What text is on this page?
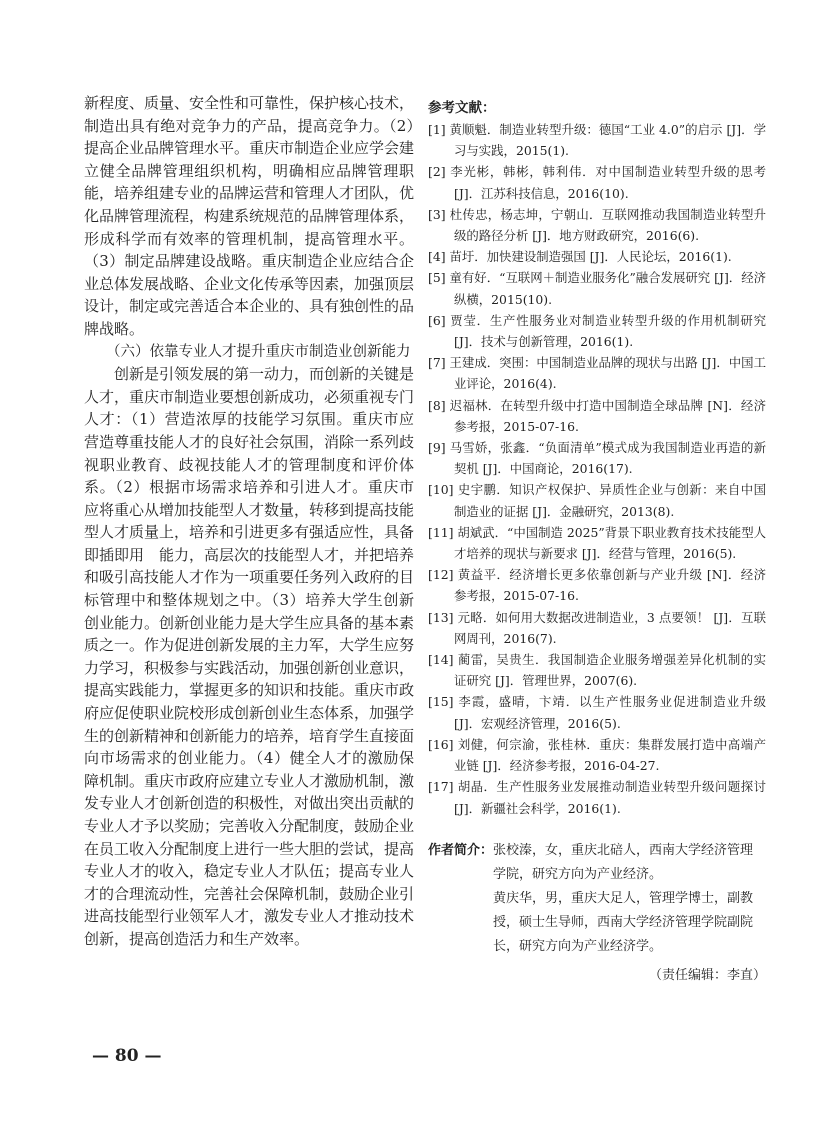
新程度、质量、安全性和可靠性，保护核心技术，制造出具有绝对竞争力的产品，提高竞争力。（2）提高企业品牌管理水平。重庆市制造企业应学会建立健全品牌管理组织机构，明确相应品牌管理职能，培养组建专业的品牌运营和管理人才团队，优化品牌管理流程，构建系统规范的品牌管理体系，形成科学而有效率的管理机制，提高管理水平。（3）制定品牌建设战略。重庆制造企业应结合企业总体发展战略、企业文化传承等因素，加强顶层设计，制定或完善适合本企业的、具有独创性的品牌战略。

（六）依靠专业人才提升重庆市制造业创新能力

创新是引领发展的第一动力，而创新的关键是人才，重庆市制造业要想创新成功，必须重视专门人才：（1）营造浓厚的技能学习氛围。重庆市应营造尊重技能人才的良好社会氛围，消除一系列歧视职业教育、歧视技能人才的管理制度和评价体系。（2）根据市场需求培养和引进人才。重庆市应将重心从增加技能型人才数量，转移到提高技能型人才质量上，培养和引进更多有强适应性，具备　即插即用　能力，高层次的技能型人才，并把培养和吸引高技能人才作为一项重要任务列入政府的目标管理中和整体规划之中。（3）培养大学生创新创业能力。创新创业能力是大学生应具备的基本素质之一。作为促进创新发展的主力军，大学生应努力学习，积极参与实践活动，加强创新创业意识，提高实践能力，掌握更多的知识和技能。重庆市政府应促使职业院校形成创新创业生态体系，加强学生的创新精神和创新能力的培养，培育学生直接面向市场需求的创业能力。（4）健全人才的激励保障机制。重庆市政府应建立专业人才激励机制，激发专业人才创新创造的积极性，对做出突出贡献的专业人才予以奖励；完善收入分配制度，鼓励企业在员工收入分配制度上进行一些大胆的尝试，提高专业人才的收入，稳定专业人才队伍；提高专业人才的合理流动性，完善社会保障机制，鼓励企业引进高技能型行业领军人才，激发专业人才推动技术创新，提高创造活力和生产效率。

— 80 —
参考文献：
[1] 黄顺魁．制造业转型升级：德国“工业 4.0”的启示 [J]．学习与实践，2015(1).
[2] 李光彬，韩彬，韩利伟．对中国制造业转型升级的思考 [J]．江苏科技信息，2016(10).
[3] 杜传忠，杨志坤，宁朝山．互联网推动我国制造业转型升级的路径分析 [J]．地方财政研究，2016(6).
[4] 苗圩．加快建设制造强国 [J]．人民论坛，2016(1).
[5] 童有好．“互联网＋制造业服务化”融合发展研究 [J]．经济纵横，2015(10).
[6] 贾莹．生产性服务业对制造业转型升级的作用机制研究 [J]．技术与创新管理，2016(1).
[7] 王建成．突围：中国制造业品牌的现状与出路 [J]．中国工业评论，2016(4).
[8] 迟福林．在转型升级中打造中国制造全球品牌 [N]．经济参考报，2015-07-16.
[9] 马雪娇，张鑫．“负面清单”模式成为我国制造业再造的新契机 [J]．中国商论，2016(17).
[10] 史宇鹏．知识产权保护、异质性企业与创新：来自中国制造业的证据 [J]．金融研究，2013(8).
[11] 胡斌武．“中国制造 2025”背景下职业教育技术技能型人才培养的现状与新要求 [J]．经营与管理，2016(5).
[12] 黄益平．经济增长更多依靠创新与产业升级 [N]．经济参考报，2015-07-16.
[13] 元略．如何用大数据改进制造业，3 点要领！ [J]．互联网周刊，2016(7).
[14] 蔺雷，吴贵生．我国制造企业服务增强差异化机制的实证研究 [J]．管理世界，2007(6).
[15] 李霞，盛晴，卞靖．以生产性服务业促进制造业升级 [J]．宏观经济管理，2016(5).
[16] 刘健，何宗渝，张桂林．重庆：集群发展打造中高端产业链 [J]．经济参考报，2016-04-27.
[17] 胡晶．生产性服务业发展推动制造业转型升级问题探讨 [J]．新疆社会科学，2016(1).
作者简介： 张校溱，女，重庆北碚人，西南大学经济管理学院，研究方向为产业经济。

黄庆华，男，重庆大足人，管理学博士，副教授，硕士生导师，西南大学经济管理学院副院长，研究方向为产业经济学。

（责任编辑：李直）
